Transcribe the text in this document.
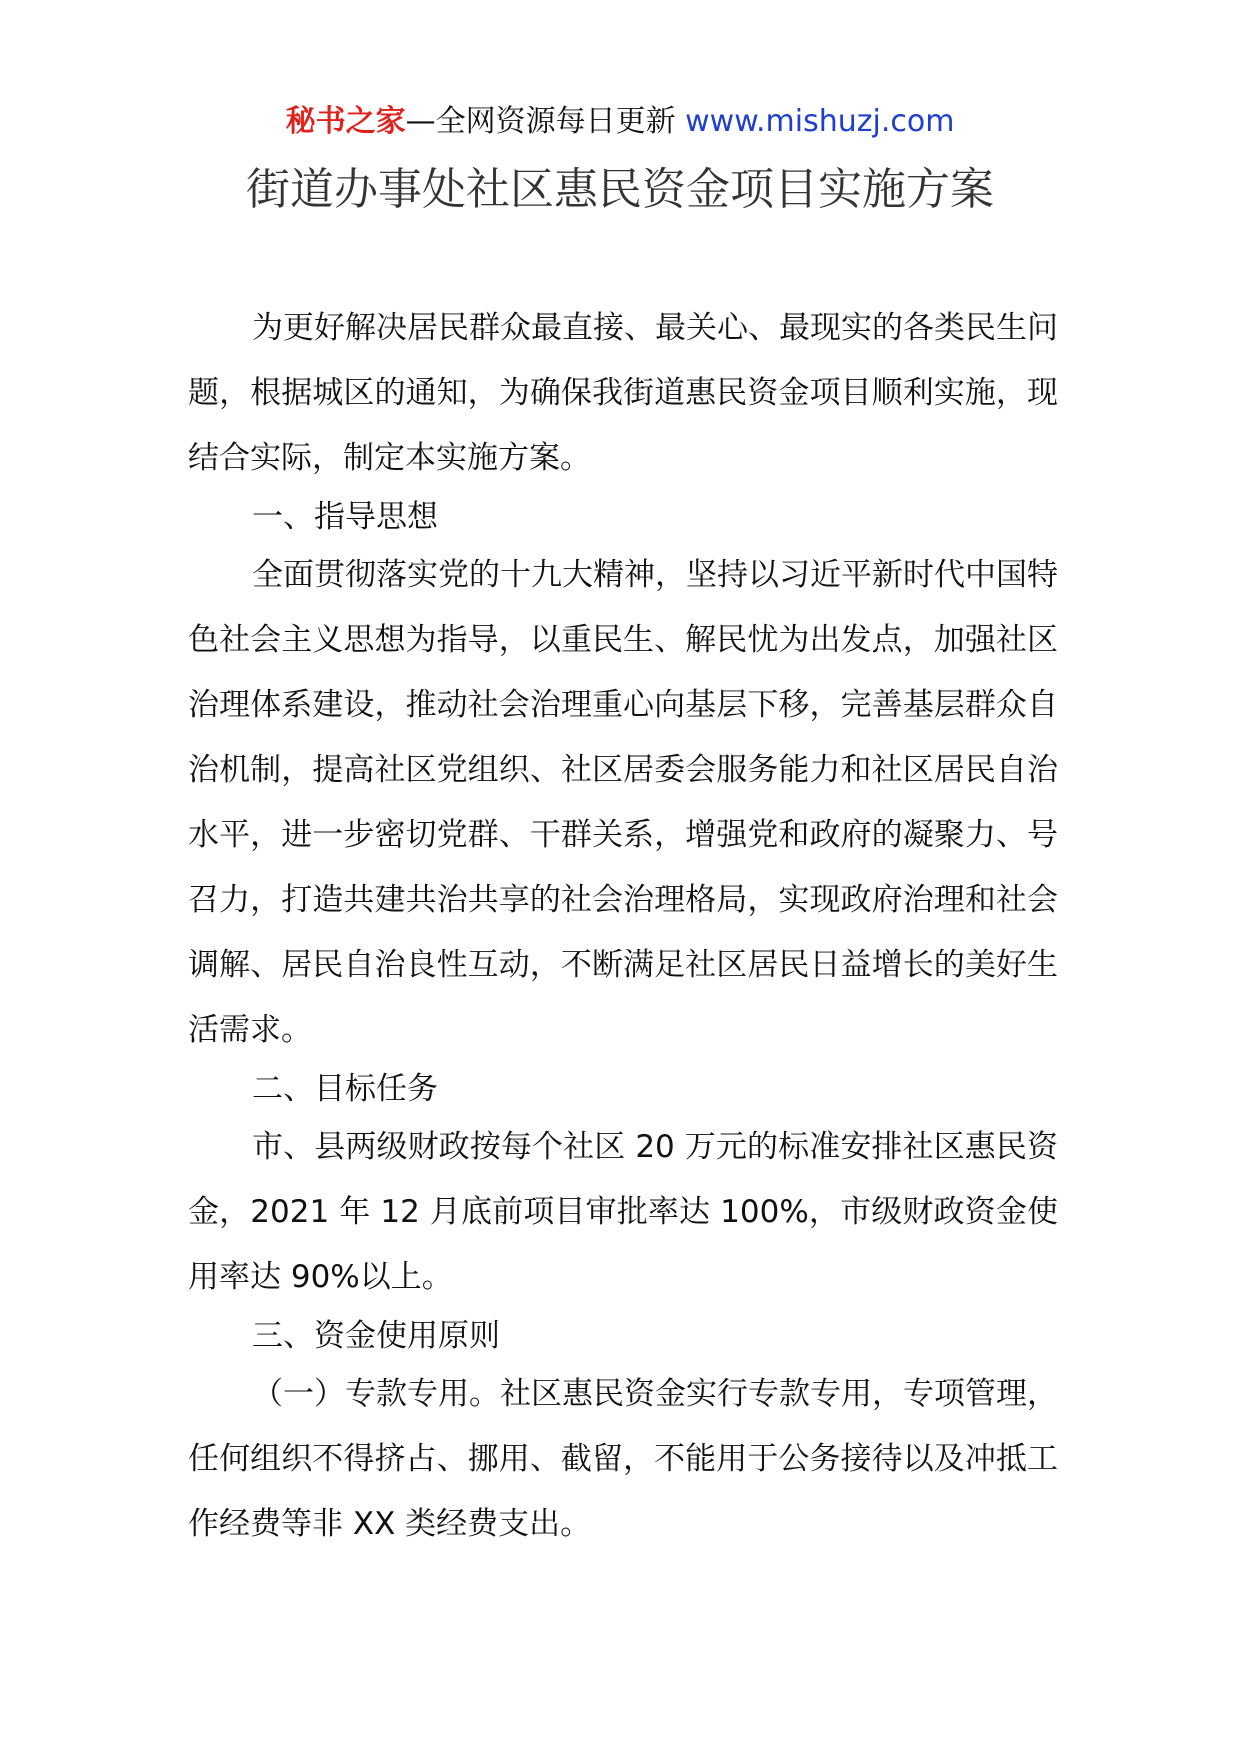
秘书之家—全网资源每日更新 www.mishuzj.com
街道办事处社区惠民资金项目实施方案

为更好解决居民群众最直接、最关心、最现实的各类民生问题，根据城区的通知，为确保我街道惠民资金项目顺利实施，现结合实际，制定本实施方案。

一、指导思想

全面贯彻落实党的十九大精神，坚持以习近平新时代中国特色社会主义思想为指导，以重民生、解民忧为出发点，加强社区治理体系建设，推动社会治理重心向基层下移，完善基层群众自治机制，提高社区党组织、社区居委会服务能力和社区居民自治水平，进一步密切党群、干群关系，增强党和政府的凝聚力、号召力，打造共建共治共享的社会治理格局，实现政府治理和社会调解、居民自治良性互动，不断满足社区居民日益增长的美好生活需求。

二、目标任务

市、县两级财政按每个社区 20 万元的标准安排社区惠民资金，2021 年 12 月底前项目审批率达 100%，市级财政资金使用率达 90%以上。

三、资金使用原则

（一）专款专用。社区惠民资金实行专款专用，专项管理，任何组织不得挤占、挪用、截留，不能用于公务接待以及冲抵工作经费等非 XX 类经费支出。
